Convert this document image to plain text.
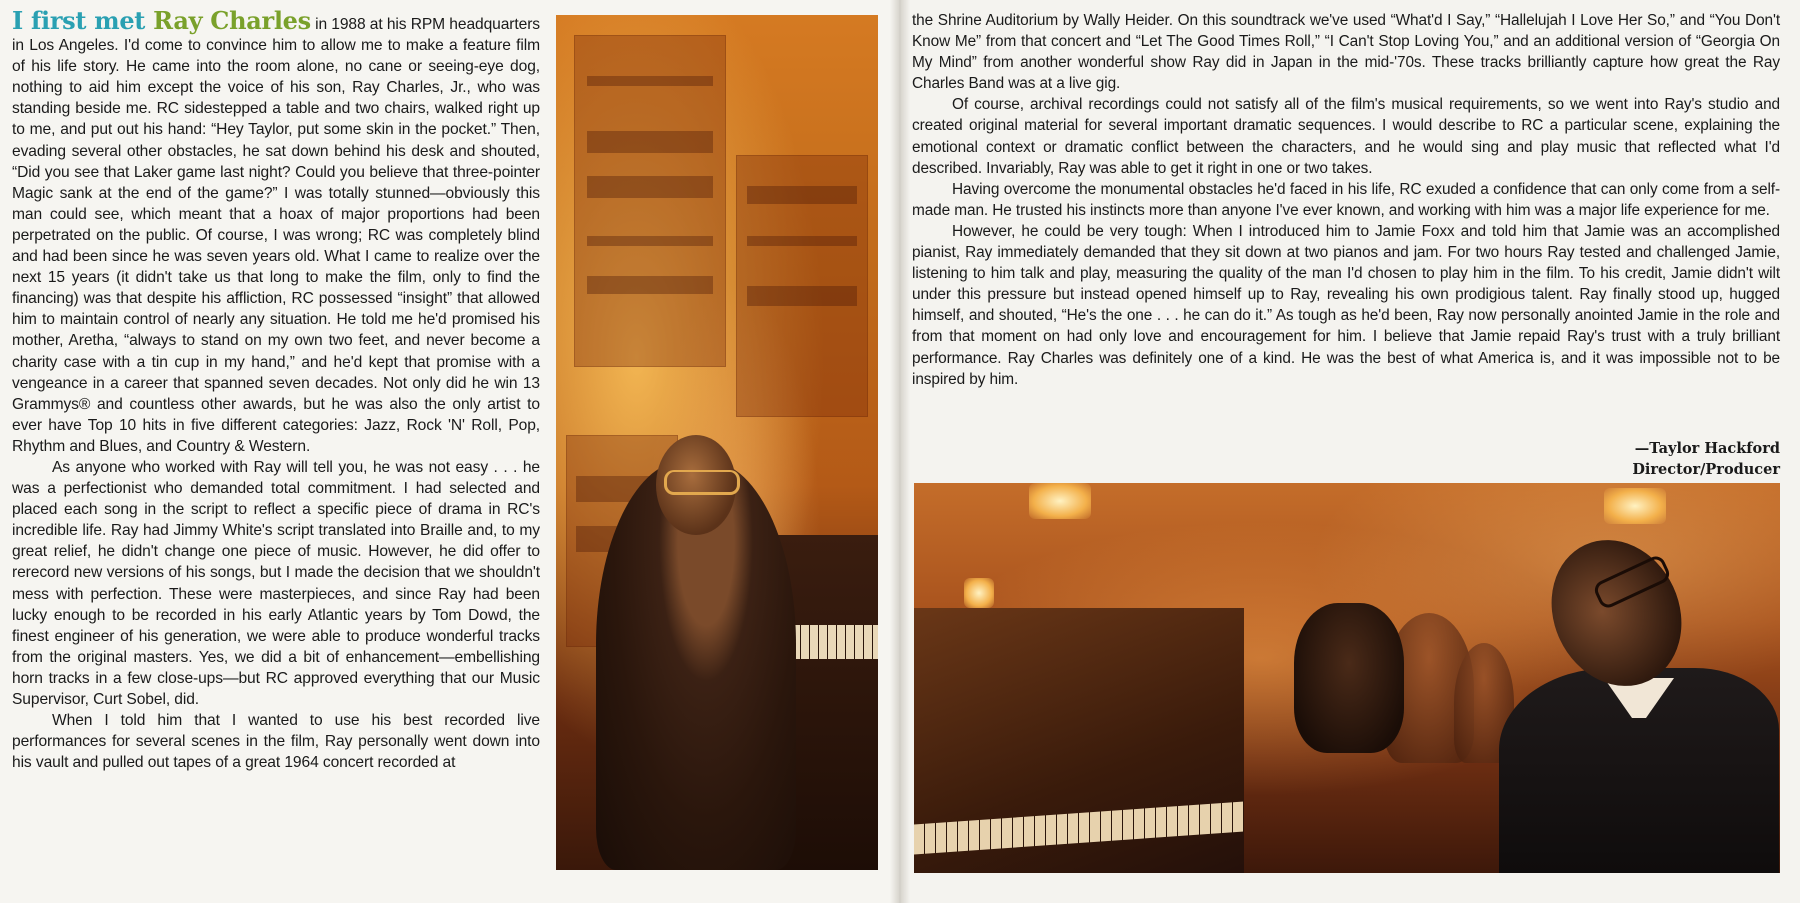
I first met Ray Charles in 1988 at his RPM headquarters in Los Angeles. I'd come to convince him to allow me to make a feature film of his life story. He came into the room alone, no cane or seeing-eye dog, nothing to aid him except the voice of his son, Ray Charles, Jr., who was standing beside me. RC sidestepped a table and two chairs, walked right up to me, and put out his hand: “Hey Taylor, put some skin in the pocket.” Then, evading several other obstacles, he sat down behind his desk and shouted, “Did you see that Laker game last night? Could you believe that three-pointer Magic sank at the end of the game?” I was totally stunned—obviously this man could see, which meant that a hoax of major proportions had been perpetrated on the public. Of course, I was wrong; RC was completely blind and had been since he was seven years old. What I came to realize over the next 15 years (it didn't take us that long to make the film, only to find the financing) was that despite his affliction, RC possessed “insight” that allowed him to maintain control of nearly any situation. He told me he'd promised his mother, Aretha, “always to stand on my own two feet, and never become a charity case with a tin cup in my hand,” and he'd kept that promise with a vengeance in a career that spanned seven decades. Not only did he win 13 Grammys® and countless other awards, but he was also the only artist to ever have Top 10 hits in five different categories: Jazz, Rock 'N' Roll, Pop, Rhythm and Blues, and Country & Western.

As anyone who worked with Ray will tell you, he was not easy . . . he was a perfectionist who demanded total commitment. I had selected and placed each song in the script to reflect a specific piece of drama in RC's incredible life. Ray had Jimmy White's script translated into Braille and, to my great relief, he didn't change one piece of music. However, he did offer to rerecord new versions of his songs, but I made the decision that we shouldn't mess with perfection. These were masterpieces, and since Ray had been lucky enough to be recorded in his early Atlantic years by Tom Dowd, the finest engineer of his generation, we were able to produce wonderful tracks from the original masters. Yes, we did a bit of enhancement—embellishing horn tracks in a few close-ups—but RC approved everything that our Music Supervisor, Curt Sobel, did.

When I told him that I wanted to use his best recorded live performances for several scenes in the film, Ray personally went down into his vault and pulled out tapes of a great 1964 concert recorded at

the Shrine Auditorium by Wally Heider. On this soundtrack we've used “What'd I Say,” “Hallelujah I Love Her So,” and “You Don't Know Me” from that concert and “Let The Good Times Roll,” “I Can't Stop Loving You,” and an additional version of “Georgia On My Mind” from another wonderful show Ray did in Japan in the mid-'70s. These tracks brilliantly capture how great the Ray Charles Band was at a live gig.

Of course, archival recordings could not satisfy all of the film's musical requirements, so we went into Ray's studio and created original material for several important dramatic sequences. I would describe to RC a particular scene, explaining the emotional context or dramatic conflict between the characters, and he would sing and play music that reflected what I'd described. Invariably, Ray was able to get it right in one or two takes.

Having overcome the monumental obstacles he'd faced in his life, RC exuded a confidence that can only come from a self-made man. He trusted his instincts more than anyone I've ever known, and working with him was a major life experience for me.

However, he could be very tough: When I introduced him to Jamie Foxx and told him that Jamie was an accomplished pianist, Ray immediately demanded that they sit down at two pianos and jam. For two hours Ray tested and challenged Jamie, listening to him talk and play, measuring the quality of the man I'd chosen to play him in the film. To his credit, Jamie didn't wilt under this pressure but instead opened himself up to Ray, revealing his own prodigious talent. Ray finally stood up, hugged himself, and shouted, “He's the one . . . he can do it.” As tough as he'd been, Ray now personally anointed Jamie in the role and from that moment on had only love and encouragement for him. I believe that Jamie repaid Ray's trust with a truly brilliant performance. Ray Charles was definitely one of a kind. He was the best of what America is, and it was impossible not to be inspired by him.

—Taylor Hackford
Director/Producer
